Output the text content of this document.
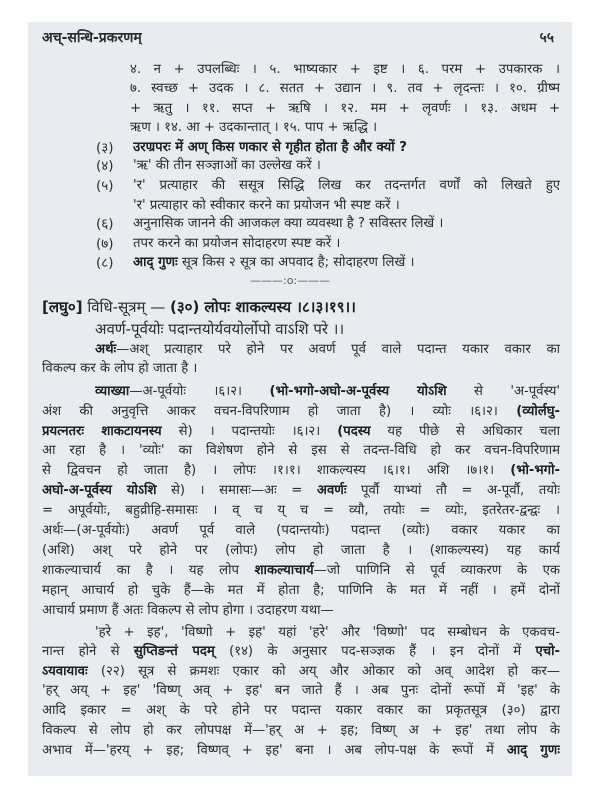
अच्-सन्धि-प्रकरणम्	५५
———:o:———
४. न + उपलब्धिः । ५. भाष्यकार + इष्ट । ६. परम + उपकारक ।
७. स्वच्छ + उदक । ८. सतत + उद्यान । ९. तव + लृदन्तः । १०. ग्रीष्म
+ ऋतु । ११. सप्त + ऋषि । १२. मम + लृवर्णः । १३. अधम +
ऋण । १४. आ + उदकान्तात् । १५. पाप + ऋद्धि ।
(३) उरण्रपरः में अण् किस णकार से गृहीत होता है और क्यों ?
(४) 'ऋ' की तीन सञ्ज्ञाओं का उल्लेख करें ।
(५) 'र' प्रत्याहार की ससूत्र सिद्धि लिख कर तदन्तर्गत वर्णों को लिखते हुए
'र' प्रत्याहार को स्वीकार करने का प्रयोजन भी स्पष्ट करें ।
(६) अनुनासिक जानने की आजकल क्या व्यवस्था है ? सविस्तर लिखें ।
(७) तपर करने का प्रयोजन सोदाहरण स्पष्ट करें ।
(८) आद् गुणः सूत्र किस २ सूत्र का अपवाद है; सोदाहरण लिखें ।
[लघु०] विधि-सूत्रम् — (३०) लोपः शाकल्यस्य ।८।३।१९।।
अवर्ण-पूर्वयोः पदान्तयोर्यवयोर्लोपो वाऽशि परे ।।
अर्थः—अश् प्रत्याहार परे होने पर अवर्ण पूर्व वाले पदान्त यकार वकार का
विकल्प कर के लोप हो जाता है ।
व्याख्या—अ-पूर्वयोः ।६।२। (भो-भगो-अघो-अ-पूर्वस्य योऽशि से 'अ-पूर्वस्य'
अंश की अनुवृत्ति आकर वचन-विपरिणाम हो जाता है) । व्योः ।६।२। (व्योर्लघु-
प्रयत्नतरः शाकटायनस्य से) । पदान्तयोः ।६।२। (पदस्य यह पीछे से अधिकार चला
आ रहा है । 'व्योः' का विशेषण होने से इस से तदन्त-विधि हो कर वचन-विपरिणाम
से द्विवचन हो जाता है) । लोपः ।१।१। शाकल्यस्य ।६।१। अशि ।७।१। (भो-भगो-
अघो-अ-पूर्वस्य योऽशि से) । समासः—अः = अवर्णः पूर्वौ याभ्यां तौ = अ-पूर्वौ, तयोः
= अपूर्वयोः, बहुव्रीहि-समासः । व् च य् च = व्यौ, तयोः = व्योः, इतरेतर-द्वन्द्वः ।
अर्थः—(अ-पूर्वयोः) अवर्ण पूर्व वाले (पदान्तयोः) पदान्त (व्योः) वकार यकार का
(अशि) अश् परे होने पर (लोपः) लोप हो जाता है । (शाकल्यस्य) यह कार्य
शाकल्याचार्य का है । यह लोप शाकल्याचार्य—जो पाणिनि से पूर्व व्याकरण के एक
महान् आचार्य हो चुके हैं—के मत में होता है; पाणिनि के मत में नहीं । हमें दोनों
आचार्य प्रमाण हैं अतः विकल्प से लोप होगा । उदाहरण यथा—
'हरे + इह', 'विष्णो + इह' यहां 'हरे' और 'विष्णो' पद सम्बोधन के एकवच-
नान्त होने से सुप्तिङन्तं पदम् (१४) के अनुसार पद-सञ्ज्ञक हैं । इन दोनों में एचो-
ऽयवायावः (२२) सूत्र से क्रमशः एकार को अय् और ओकार को अव् आदेश हो कर—
'हर् अय् + इह' 'विष्ण् अव् + इह' बन जाते हैं । अब पुनः दोनों रूपों में 'इह' के
आदि इकार = अश् के परे होने पर पदान्त यकार वकार का प्रकृतसूत्र (३०) द्वारा
विकल्प से लोप हो कर लोपपक्ष में—'हर् अ + इह; विष्ण् अ + इह' तथा लोप के
अभाव में—'हरय् + इह; विष्णव् + इह' बना । अब लोप-पक्ष के रूपों में आद् गुणः
